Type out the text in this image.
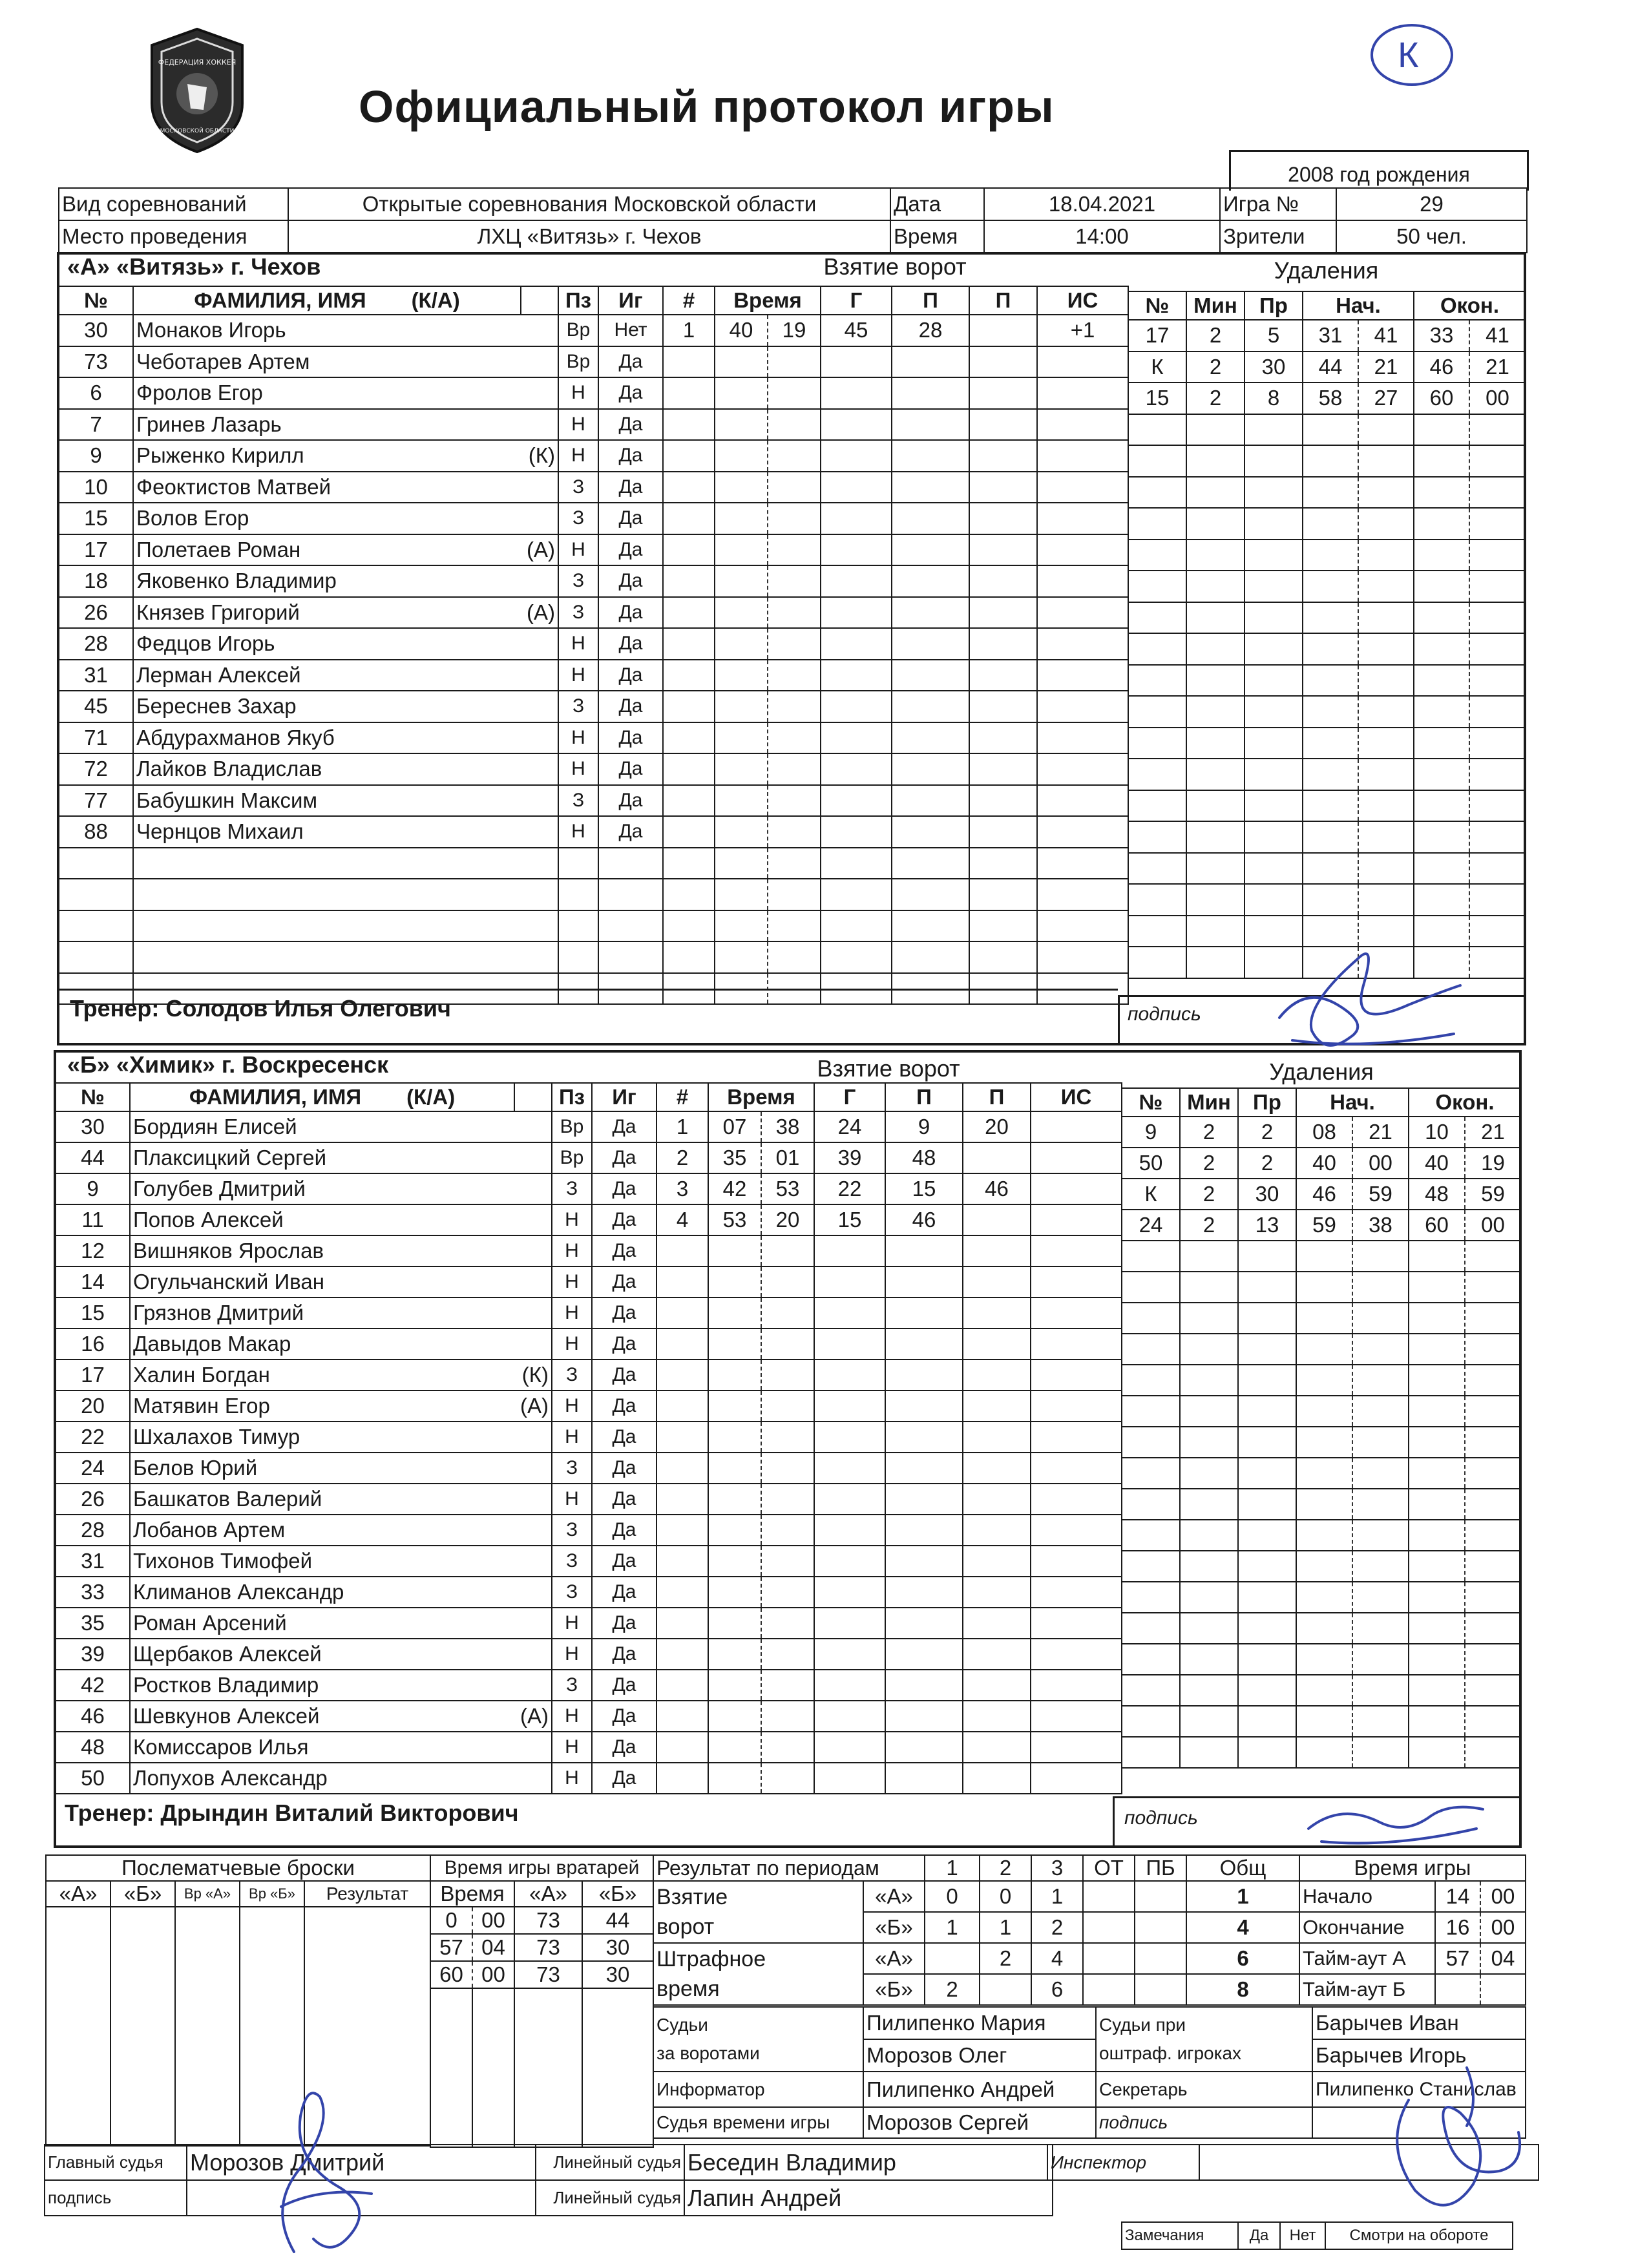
ФЕДЕРАЦИЯ ХОККЕЯ
МОСКОВСКОЙ ОБЛАСТИ	Официальный протокол игры
К
2008 год рождения
Вид соревнований	Открытые соревнования Московской области	Дата	18.04.2021	Игра №	29
Место проведения	ЛХЦ «Витязь» г. Чехов	Время	14:00	Зрители	50 чел.
«А» «Витязь» г. Чехов	Взятие ворот	Удаления
№	ФАМИЛИЯ, ИМЯ (К/А)		Пз	Иг
30	Монаков Игорь		Вр	Нет
73	Чеботарев Артем		Вр	Да
6	Фролов Егор		Н	Да
7	Гринев Лазарь		Н	Да
9	Рыженко Кирилл	(К)	Н	Да
10	Феоктистов Матвей		З	Да
15	Волов Егор		З	Да
17	Полетаев Роман	(А)	Н	Да
18	Яковенко Владимир		З	Да
26	Князев Григорий	(А)	З	Да
28	Федцов Игорь		Н	Да
31	Лерман Алексей		Н	Да
45	Береснев Захар		З	Да
71	Абдурахманов Якуб		Н	Да
72	Лайков Владислав		Н	Да
77	Бабушкин Максим		З	Да
88	Чернцов Михаил		Н	Да

#	Время		Г	П	П	ИС
1	40	19	45	28		+1

№	Мин	Пр	Нач.		Окон.	
17	2	5	31	41	33	41
К	2	30	44	21	46	21
15	2	8	58	27	60	00

Тренер: Солодов Илья Олегович	подпись
«Б» «Химик» г. Воскресенск	Взятие ворот	Удаления
№	ФАМИЛИЯ, ИМЯ (К/А)		Пз	Иг
30	Бордиян Елисей		Вр	Да
44	Плаксицкий Сергей		Вр	Да
9	Голубев Дмитрий		З	Да
11	Попов Алексей		Н	Да
12	Вишняков Ярослав		Н	Да
14	Огульчанский Иван		Н	Да
15	Грязнов Дмитрий		Н	Да
16	Давыдов Макар		Н	Да
17	Халин Богдан	(К)	З	Да
20	Матявин Егор	(А)	Н	Да
22	Шхалахов Тимур		Н	Да
24	Белов Юрий		З	Да
26	Башкатов Валерий		Н	Да
28	Лобанов Артем		З	Да
31	Тихонов Тимофей		З	Да
33	Климанов Александр		З	Да
35	Роман Арсений		Н	Да
39	Щербаков Алексей		Н	Да
42	Ростков Владимир		З	Да
46	Шевкунов Алексей	(А)	Н	Да
48	Комиссаров Илья		Н	Да
50	Лопухов Александр		Н	Да
#	Время		Г	П	П	ИС
1	07	38	24	9	20	
2	35	01	39	48		
3	42	53	22	15	46	
4	53	20	15	46		

№	Мин	Пр	Нач.		Окон.	
9	2	2	08	21	10	21
50	2	2	40	00	40	19
К	2	30	46	59	48	59
24	2	13	59	38	60	00

Тренер: Дрындин Виталий Викторович	подпись
Послематчевые броски				
«А»	«Б»	Вр «А»	Вр «Б»	Результат

Время игры вратарей			
Время		«А»	«Б»
0	00	73	44
57	04	73	30
60	00	73	30

Результат по периодам		1	2	3	ОТ	ПБ	Общ
Взятие
ворот	«А»	0	0	1			1
	«Б»	1	1	2			4
Штрафное
время	«А»		2	4			6
	«Б»	2		6			8
Время игры		
Начало	14	00
Окончание	16	00
Тайм-аут А	57	04
Тайм-аут Б		
Судьи
за воротами	Пилипенко Мария	Судьи при
оштраф. игроках	Барычев Иван
	Морозов Олег		Барычев Игорь
Информатор	Пилипенко Андрей	Секретарь	Пилипенко Станислав
Судья времени игры	Морозов Сергей	подпись	
Главный судья	Морозов Дмитрий	Линейный судья	Беседин Владимир
подпись		Линейный судья	Лапин Андрей
Инспектор	
Замечания	Да	Нет	Смотри на обороте
